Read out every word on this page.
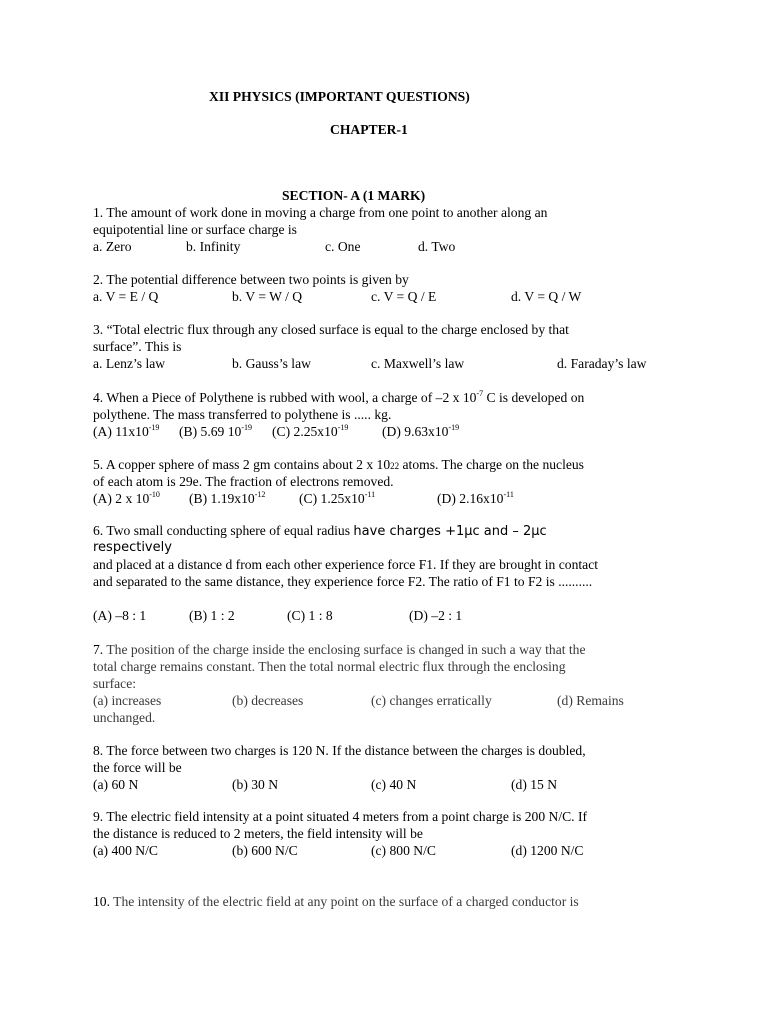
XII PHYSICS (IMPORTANT QUESTIONS)
CHAPTER-1
SECTION- A (1 MARK)
1. The amount of work done in moving a charge from one point to another along an
equipotential line or surface charge is
a. Zero	b. Infinity	c. One	d. Two
2. The potential difference between two points is given by
a. V = E / Q	b. V = W / Q	c. V = Q / E	d. V = Q / W
3. “Total electric flux through any closed surface is equal to the charge enclosed by that
surface”. This is
a. Lenz’s law	b. Gauss’s law	c. Maxwell’s law	d. Faraday’s law
4. When a Piece of Polythene is rubbed with wool, a charge of –2 x $10^{-7}$ C is developed on
polythene. The mass transferred to polythene is ..... kg.
(A) $11x10^{-19}$ (B) 5.69 $10^{-19}$ (C) $2.25x10^{-19}$ (D) $9.63x10^{-19}$
5. A copper sphere of mass 2 gm contains about 2 x 1022 atoms. The charge on the nucleus
of each atom is 29e. The fraction of electrons removed.
(A) 2 x $10^{-10}$ (B) $1.19x10^{-12}$ (C) $1.25x10^{-11}$	(D) $2.16x10^{-11}$
6. Two small conducting sphere of equal radius have charges +1μc and – 2μc
respectively
and placed at a distance d from each other experience force F1. If they are brought in contact
and separated to the same distance, they experience force F2. The ratio of F1 to F2 is ..........
(A) –8 : 1	(B) 1 : 2	(C) 1 : 8	(D) –2 : 1
7. The position of the charge inside the enclosing surface is changed in such a way that the
total charge remains constant. Then the total normal electric flux through the enclosing
surface:
(a) increases	(b) decreases	(c) changes erratically	(d) Remains
unchanged.
8. The force between two charges is 120 N. If the distance between the charges is doubled,
the force will be
(a) 60 N	(b) 30 N	(c) 40 N	(d) 15 N
9. The electric field intensity at a point situated 4 meters from a point charge is 200 N/C. If
the distance is reduced to 2 meters, the field intensity will be
(a) 400 N/C	(b) 600 N/C	(c) 800 N/C	(d) 1200 N/C
10. The intensity of the electric field at any point on the surface of a charged conductor is
